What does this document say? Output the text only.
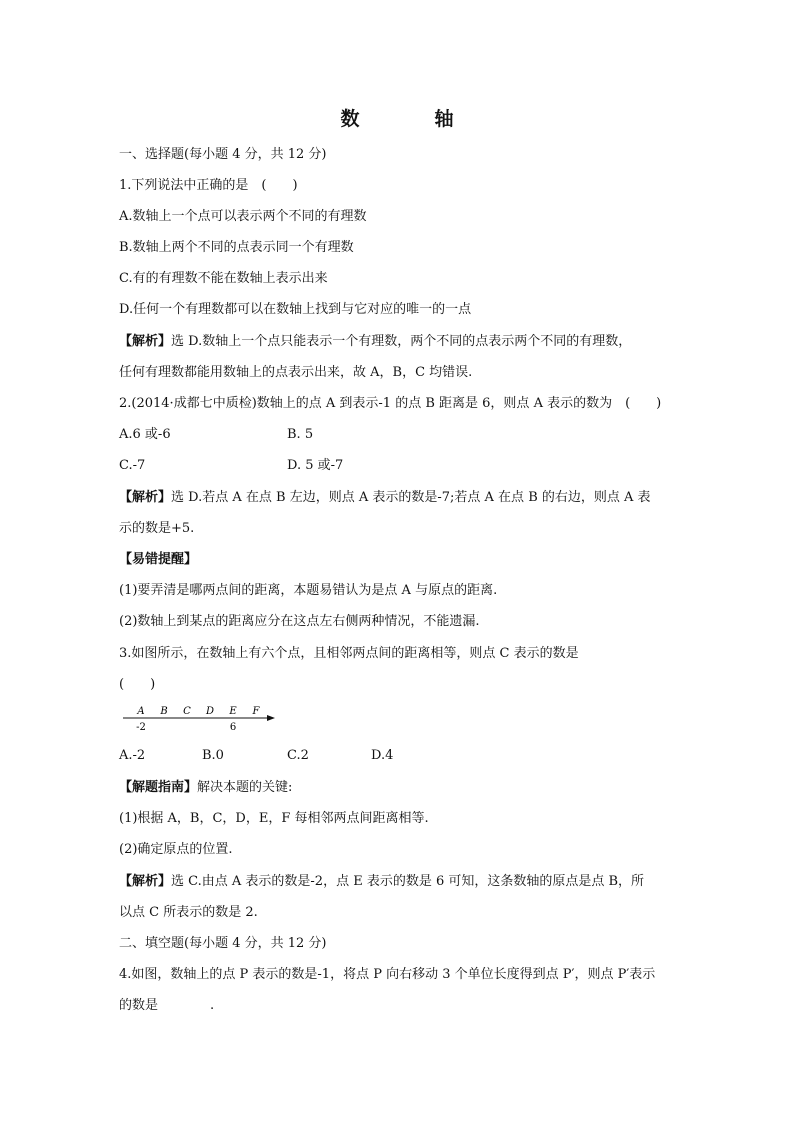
数　轴
一、选择题(每小题 4 分，共 12 分)
1.下列说法中正确的是　(　　)
A.数轴上一个点可以表示两个不同的有理数
B.数轴上两个不同的点表示同一个有理数
C.有的有理数不能在数轴上表示出来
D.任何一个有理数都可以在数轴上找到与它对应的唯一的一点
【解析】选 D.数轴上一个点只能表示一个有理数，两个不同的点表示两个不同的有理数，
任何有理数都能用数轴上的点表示出来，故 A，B，C 均错误.
2.(2014·成都七中质检)数轴上的点 A 到表示-1 的点 B 距离是 6，则点 A 表示的数为　(　　)
A.6 或-6	B. 5
C.-7	D. 5 或-7
【解析】选 D.若点 A 在点 B 左边，则点 A 表示的数是-7;若点 A 在点 B 的右边，则点 A 表
示的数是+5.
【易错提醒】
(1)要弄清是哪两点间的距离，本题易错认为是点 A 与原点的距离.
(2)数轴上到某点的距离应分在这点左右侧两种情况，不能遗漏.
3.如图所示，在数轴上有六个点，且相邻两点间的距离相等，则点 C 表示的数是
(　　)
A B C D E F
-2	6
A.-2	B.0	C.2	D.4
【解题指南】解决本题的关键:
(1)根据 A，B，C，D，E，F 每相邻两点间距离相等.
(2)确定原点的位置.
【解析】选 C.由点 A 表示的数是-2，点 E 表示的数是 6 可知，这条数轴的原点是点 B，所
以点 C 所表示的数是 2.
二、填空题(每小题 4 分，共 12 分)
4.如图，数轴上的点 P 表示的数是-1，将点 P 向右移动 3 个单位长度得到点 P′，则点 P′表示
的数是　　　　.
